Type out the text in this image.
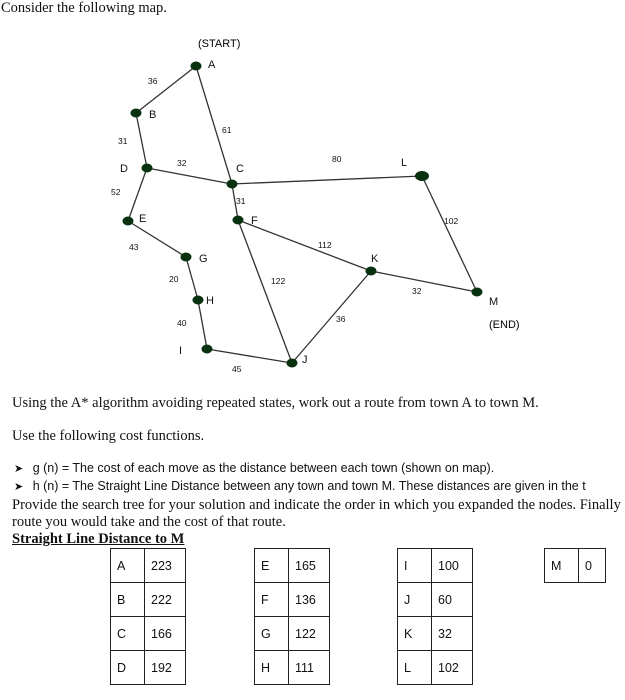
Consider the following map.
36
61
31
32
52
80
31
43	112
122
102
20
32
40	36
45
A
B
C
D
E	F
G
H
I
J
K
L
M
(START)
(END)
Using the A* algorithm avoiding repeated states, work out a route from town A to town M.
Use the following cost functions.
➤ g (n) = The cost of each move as the distance between each town (shown on map).
➤ h (n) = The Straight Line Distance between any town and town M. These distances are given in the t
Provide the search tree for your solution and indicate the order in which you expanded the nodes. Finally
route you would take and the cost of that route.
Straight Line Distance to M
A	223
B	222
C	166
D	192
E	165
F	136
G	122
H	111
I	100
J	60
K	32
L	102
M	0
